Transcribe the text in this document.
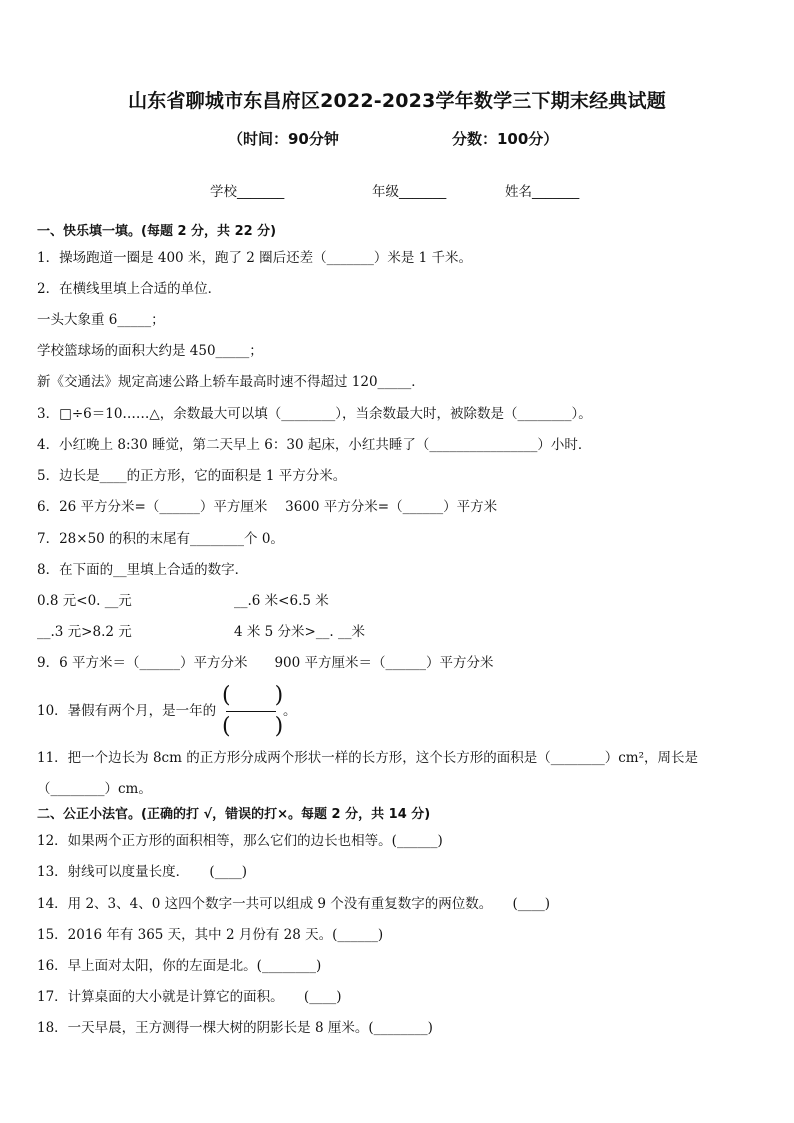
山东省聊城市东昌府区2022-2023学年数学三下期末经典试题
（时间：90分钟	分数：100分）
学校_______	年级_______	姓名_______
一、快乐填一填。(每题 2 分，共 22 分)
1．操场跑道一圈是 400 米，跑了 2 圈后还差（_______）米是 1 千米。
2．在横线里填上合适的单位．
一头大象重 6_____；
学校篮球场的面积大约是 450_____；
新《交通法》规定高速公路上轿车最高时速不得超过 120_____．
3．□÷6＝10……△，余数最大可以填（________），当余数最大时，被除数是（________）。
4．小红晚上 8:30 睡觉，第二天早上 6：30 起床，小红共睡了（________________）小时．
5．边长是____的正方形，它的面积是 1 平方分米。
6．26 平方分米=（______）平方厘米　 3600 平方分米=（______）平方米
7．28×50 的积的末尾有________个 0。
8．在下面的__里填上合适的数字．
0.8 元<0. __元	__.6 米<6.5 米
__.3 元>8.2 元	4 米 5 分米>__. __米
9．6 平方米＝（______）平方分米　　900 平方厘米＝（______）平方分米
10．暑假有两个月，是一年的
(　　)
(　　)
。
11．把一个边长为 8cm 的正方形分成两个形状一样的长方形，这个长方形的面积是（________）cm²，周长是
（________）cm。
二、公正小法官。(正确的打 √，错误的打×。每题 2 分，共 14 分)
12．如果两个正方形的面积相等，那么它们的边长也相等。(______)
13．射线可以度量长度．　　(____)
14．用 2、3、4、0 这四个数字一共可以组成 9 个没有重复数字的两位数。　　(____)
15．2016 年有 365 天，其中 2 月份有 28 天。(______)
16．早上面对太阳，你的左面是北。(________)
17．计算桌面的大小就是计算它的面积。　　(____)
18．一天早晨，王方测得一棵大树的阴影长是 8 厘米。(________)
